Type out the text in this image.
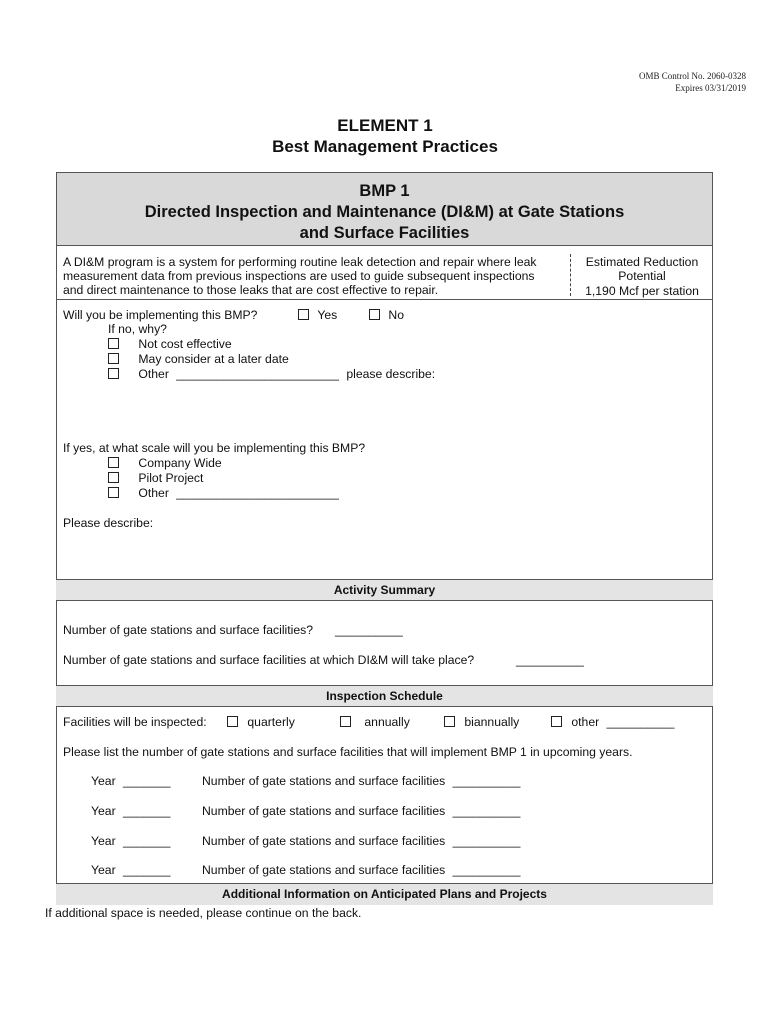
OMB Control No. 2060-0328
Expires 03/31/2019
ELEMENT 1
Best Management Practices
BMP 1
Directed Inspection and Maintenance (DI&M) at Gate Stations
and Surface Facilities
A DI&M program is a system for performing routine leak detection and repair where leak
measurement data from previous inspections are used to guide subsequent inspections
and direct maintenance to those leaks that are cost effective to repair.
Estimated Reduction
Potential
1,190 Mcf per station
Will you be implementing this BMP?	Yes	No
If no, why?
Not cost effective
May consider at a later date
Other ________________________ please describe:
If yes, at what scale will you be implementing this BMP?
Company Wide
Pilot Project
Other ________________________
Please describe:
Activity Summary
Number of gate stations and surface facilities? __________
Number of gate stations and surface facilities at which DI&M will take place?	__________
Inspection Schedule
Facilities will be inspected:	quarterly	annually	biannually	other __________
Please list the number of gate stations and surface facilities that will implement BMP 1 in upcoming years.
Year _______	Number of gate stations and surface facilities __________
Year _______	Number of gate stations and surface facilities __________
Year _______	Number of gate stations and surface facilities __________
Year _______	Number of gate stations and surface facilities __________
Additional Information on Anticipated Plans and Projects
If additional space is needed, please continue on the back.
